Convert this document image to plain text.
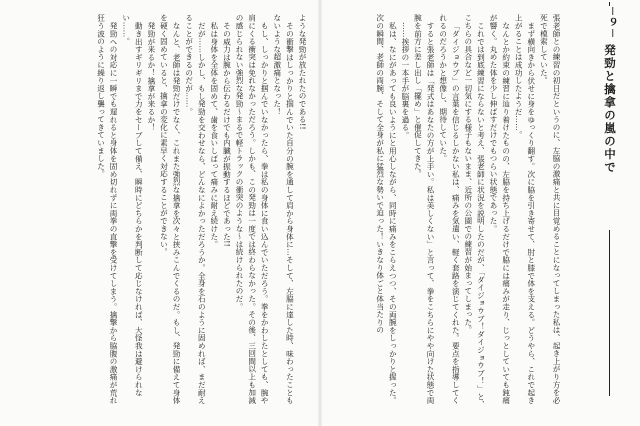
ような発勁が放たれたのである!!

その衝撃はしっかりと掴んでいた自分の腕を通して肩から身体に…そして、左脇に達した時、味わったこともないような超激痛となった！

もし、しっかりと掴んでいなかったら、拳は私の身体に食い込んでいただろう。拳をかわしたとしても、腕や肩にくる衝突は免れなかっただろう。しかも、この発勁は一度では終わらなかった。その後、三回間以上も加減の感じられない強烈な発勁～まるで軽トラックの衝突のような～は続けられたのだ。

その威力は腕から伝わるだけでも内臓が振動するほどであった!!

私は身体を全体を固めて、歯を食いしばって痛みに耐え続けた。

だが……しかし、もし発勁を交わせなら、どんなによかっただろうか。全身を石のように固めれば、まだ耐えることができるのだが……。

なんと、老師は発勁だけでなく、これまた強烈な擒拿を次々と挟みこんでくるのだ。もし、発勁に備えて身体を硬く固めていると、擒拿の変化に素早く対応することができない。

発勁が来るか！擒拿が来るか！

動き出すギリギリまで力をセーブして備え、瞬時にどちらかを判断して応じなければ、大怪我は避けられない……。

発勁への対応に一瞬でも遅れると身体を固め切れずに両拳の直撃を受けてしまう。擒撃から脇腹の激痛が荒れ狂う波のように繰り返し襲ってきていました。	－９－
発勁と擒拿の嵐の中で

張老師との練習の初日だというのに、左脇の激痛と共に目覚めることになってしまった私は、起き上がり方を必死で模索していた。

まず横向きから伏せに身をゆっくり翻す。次に脇を引き寄せて、肘と膝で体を支える。どうやら、これで起き上がることは成功したようだ……。

なんとか約束の練習に辿り着けたものの、左脇を持ち上げるだけで脇には痛みが走り、じっとしていても鈍痛が響く。丸めた体を少し伸ばすだけでもつらい状態であった。

これでは到底練習にならないと考え、張老師に状況を説明したのだが、「ダイジョウブ！ダイジョウブ！」と、こちらの具合など一切気にする様子もないまま、近所の公園での練習が始まってしまった。

「ダイジョウブ」の言葉を信じるしかない私は、痛みを気遣い、軽く套路を演じてくれた。要点を指導してくれるのだろうかと想像し、期待していた。

すると張老師は「発式はあなたの方が上手い。私は美しくない」と言って、拳をこちらにやや向けた状態で両腕を前方に差し出し「擺め」と催促してきた。

……挨拶の一本手が脳裏を過る。

私は、なにがあっても良いようにと用心しながら、同時に痛みをこらえつつ、その両腕をしっかりと握った。次の瞬間、老師の両腕、そして全身が私に猛烈な勢いで迫った！いきなり体ごと体当たりの
